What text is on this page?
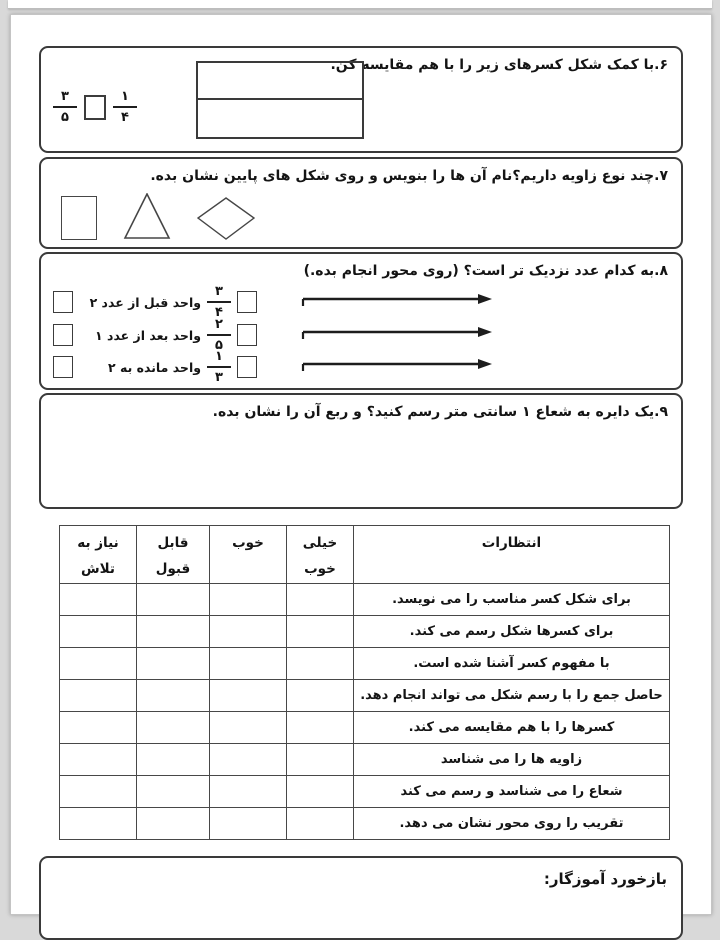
۶.با کمک شکل کسرهای زیر را با هم مقایسه کن.
$\frac{۳}{۵}$	$\frac{۱}{۴}$
۷.چند نوع زاویه داریم؟نام آن ها را بنویس و روی شکل های پایین نشان بده.
۸.به کدام عدد نزدیک تر است؟ (روی محور انجام بده.)
واحد قبل از عدد ۲ $\frac{۳}{۴}$
واحد بعد از عدد ۱ $\frac{۲}{۵}$
واحد مانده به ۲ $\frac{۱}{۳}$
۹.یک دایره به شعاع ۱ سانتی متر رسم کنید؟ و ربع آن را نشان بده.
انتظارات	خیلی خوب	خوب	قابل قبول	نیاز به تلاش
برای شکل کسر مناسب را می نویسد.				
برای کسرها شکل رسم می کند.				
با مفهوم کسر آشنا شده است.				
حاصل جمع را با رسم شکل می تواند انجام دهد.				
کسرها را با هم مقایسه می کند.				
زاویه ها را می شناسد				
شعاع را می شناسد و رسم می کند				
تقریب را روی محور نشان می دهد.				
بازخورد آموزگار:
